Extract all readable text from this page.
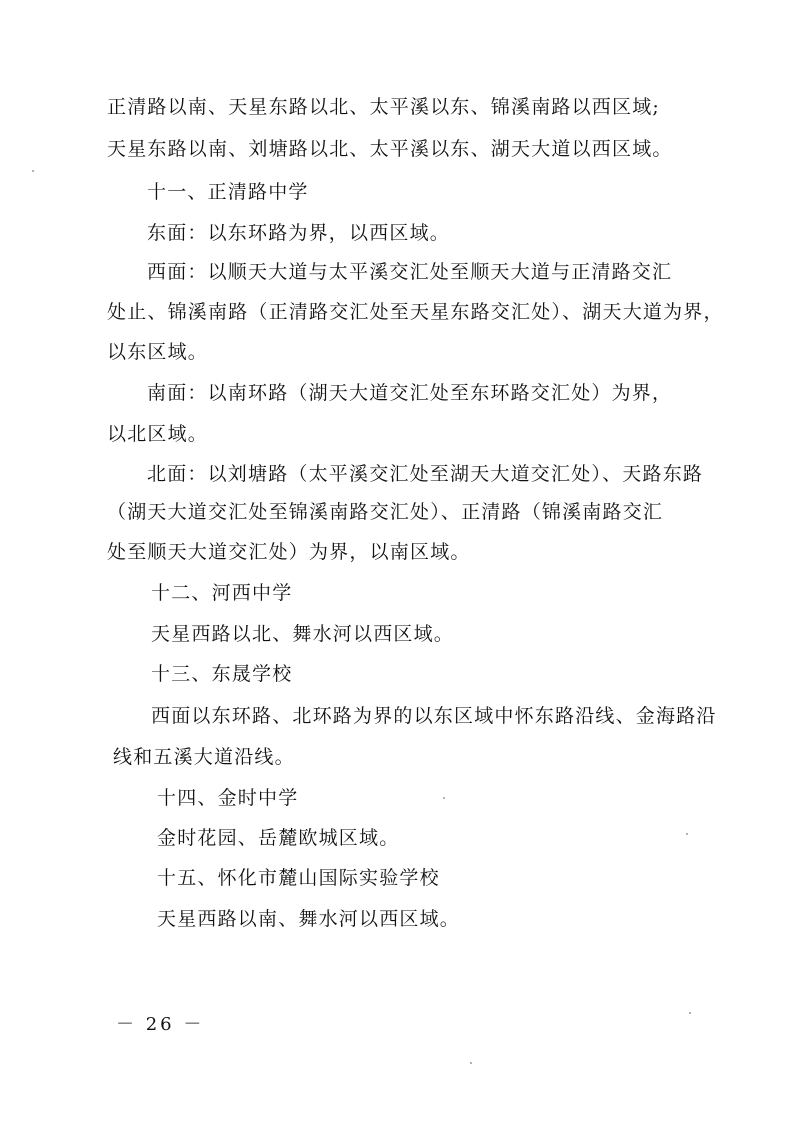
正清路以南、天星东路以北、太平溪以东、锦溪南路以西区域;
天星东路以南、刘塘路以北、太平溪以东、湖天大道以西区域。
十一、正清路中学
东面：以东环路为界，以西区域。
西面：以顺天大道与太平溪交汇处至顺天大道与正清路交汇
处止、锦溪南路（正清路交汇处至天星东路交汇处）、湖天大道为界，
以东区域。
南面：以南环路（湖天大道交汇处至东环路交汇处）为界，
以北区域。
北面：以刘塘路（太平溪交汇处至湖天大道交汇处）、天路东路
（湖天大道交汇处至锦溪南路交汇处）、正清路（锦溪南路交汇
处至顺天大道交汇处）为界，以南区域。
十二、河西中学
天星西路以北、舞水河以西区域。
十三、东晟学校
西面以东环路、北环路为界的以东区域中怀东路沿线、金海路沿
线和五溪大道沿线。
十四、金时中学
金时花园、岳麓欧城区域。
十五、怀化市麓山国际实验学校
天星西路以南、舞水河以西区域。
－ 26 －
